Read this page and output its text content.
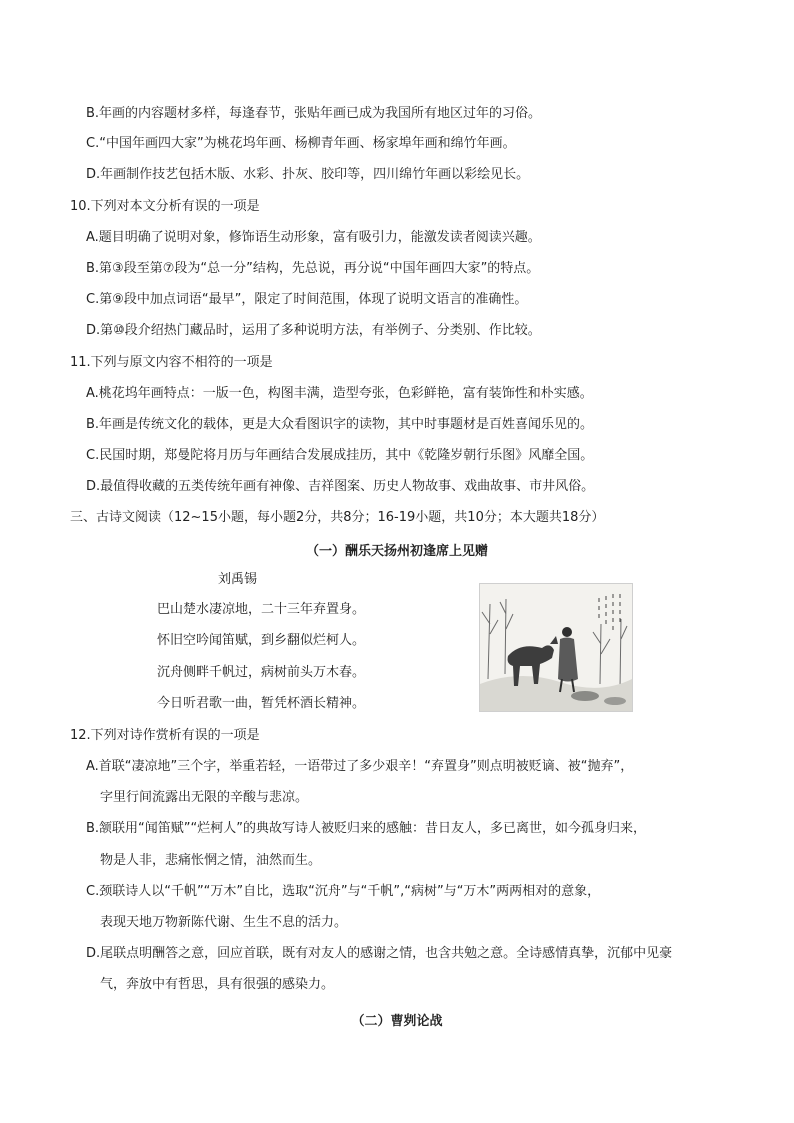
B.年画的内容题材多样，每逢春节，张贴年画已成为我国所有地区过年的习俗。
C.“中国年画四大家”为桃花坞年画、杨柳青年画、杨家埠年画和绵竹年画。
D.年画制作技艺包括木版、水彩、扑灰、胶印等，四川绵竹年画以彩绘见长。
10.下列对本文分析有误的一项是
A.题目明确了说明对象，修饰语生动形象，富有吸引力，能激发读者阅读兴趣。
B.第③段至第⑦段为“总一分”结构，先总说，再分说“中国年画四大家”的特点。
C.第⑨段中加点词语“最早”，限定了时间范围，体现了说明文语言的准确性。
D.第⑩段介绍热门藏品时，运用了多种说明方法，有举例子、分类别、作比较。
11.下列与原文内容不相符的一项是
A.桃花坞年画特点：一版一色，构图丰满，造型夸张，色彩鲜艳，富有装饰性和朴实感。
B.年画是传统文化的载体，更是大众看图识字的读物，其中时事题材是百姓喜闻乐见的。
C.民国时期，郑曼陀将月历与年画结合发展成挂历，其中《乾隆岁朝行乐图》风靡全国。
D.最值得收藏的五类传统年画有神像、吉祥图案、历史人物故事、戏曲故事、市井风俗。
三、古诗文阅读（12~15小题，每小题2分，共8分；16-19小题，共10分；本大题共18分）
（一）酬乐天扬州初逢席上见赠
刘禹锡
巴山楚水凄凉地，二十三年弃置身。
怀旧空吟闻笛赋，到乡翻似烂柯人。
沉舟侧畔千帆过，病树前头万木春。
今日听君歌一曲，暂凭杯酒长精神。
12.下列对诗作赏析有误的一项是
A.首联“凄凉地”三个字，举重若轻，一语带过了多少艰辛！“弃置身”则点明被贬谪、被“抛弃”，
字里行间流露出无限的辛酸与悲凉。
B.颔联用“闻笛赋”“烂柯人”的典故写诗人被贬归来的感触：昔日友人，多已离世，如今孤身归来，
物是人非，悲痛怅惘之情，油然而生。
C.颈联诗人以“千帆”“万木”自比，选取“沉舟”与“千帆”,“病树”与“万木”两两相对的意象，
表现天地万物新陈代谢、生生不息的活力。
D.尾联点明酬答之意，回应首联，既有对友人的感谢之情，也含共勉之意。全诗感情真挚，沉郁中见豪
气，奔放中有哲思，具有很强的感染力。
（二）曹刿论战
